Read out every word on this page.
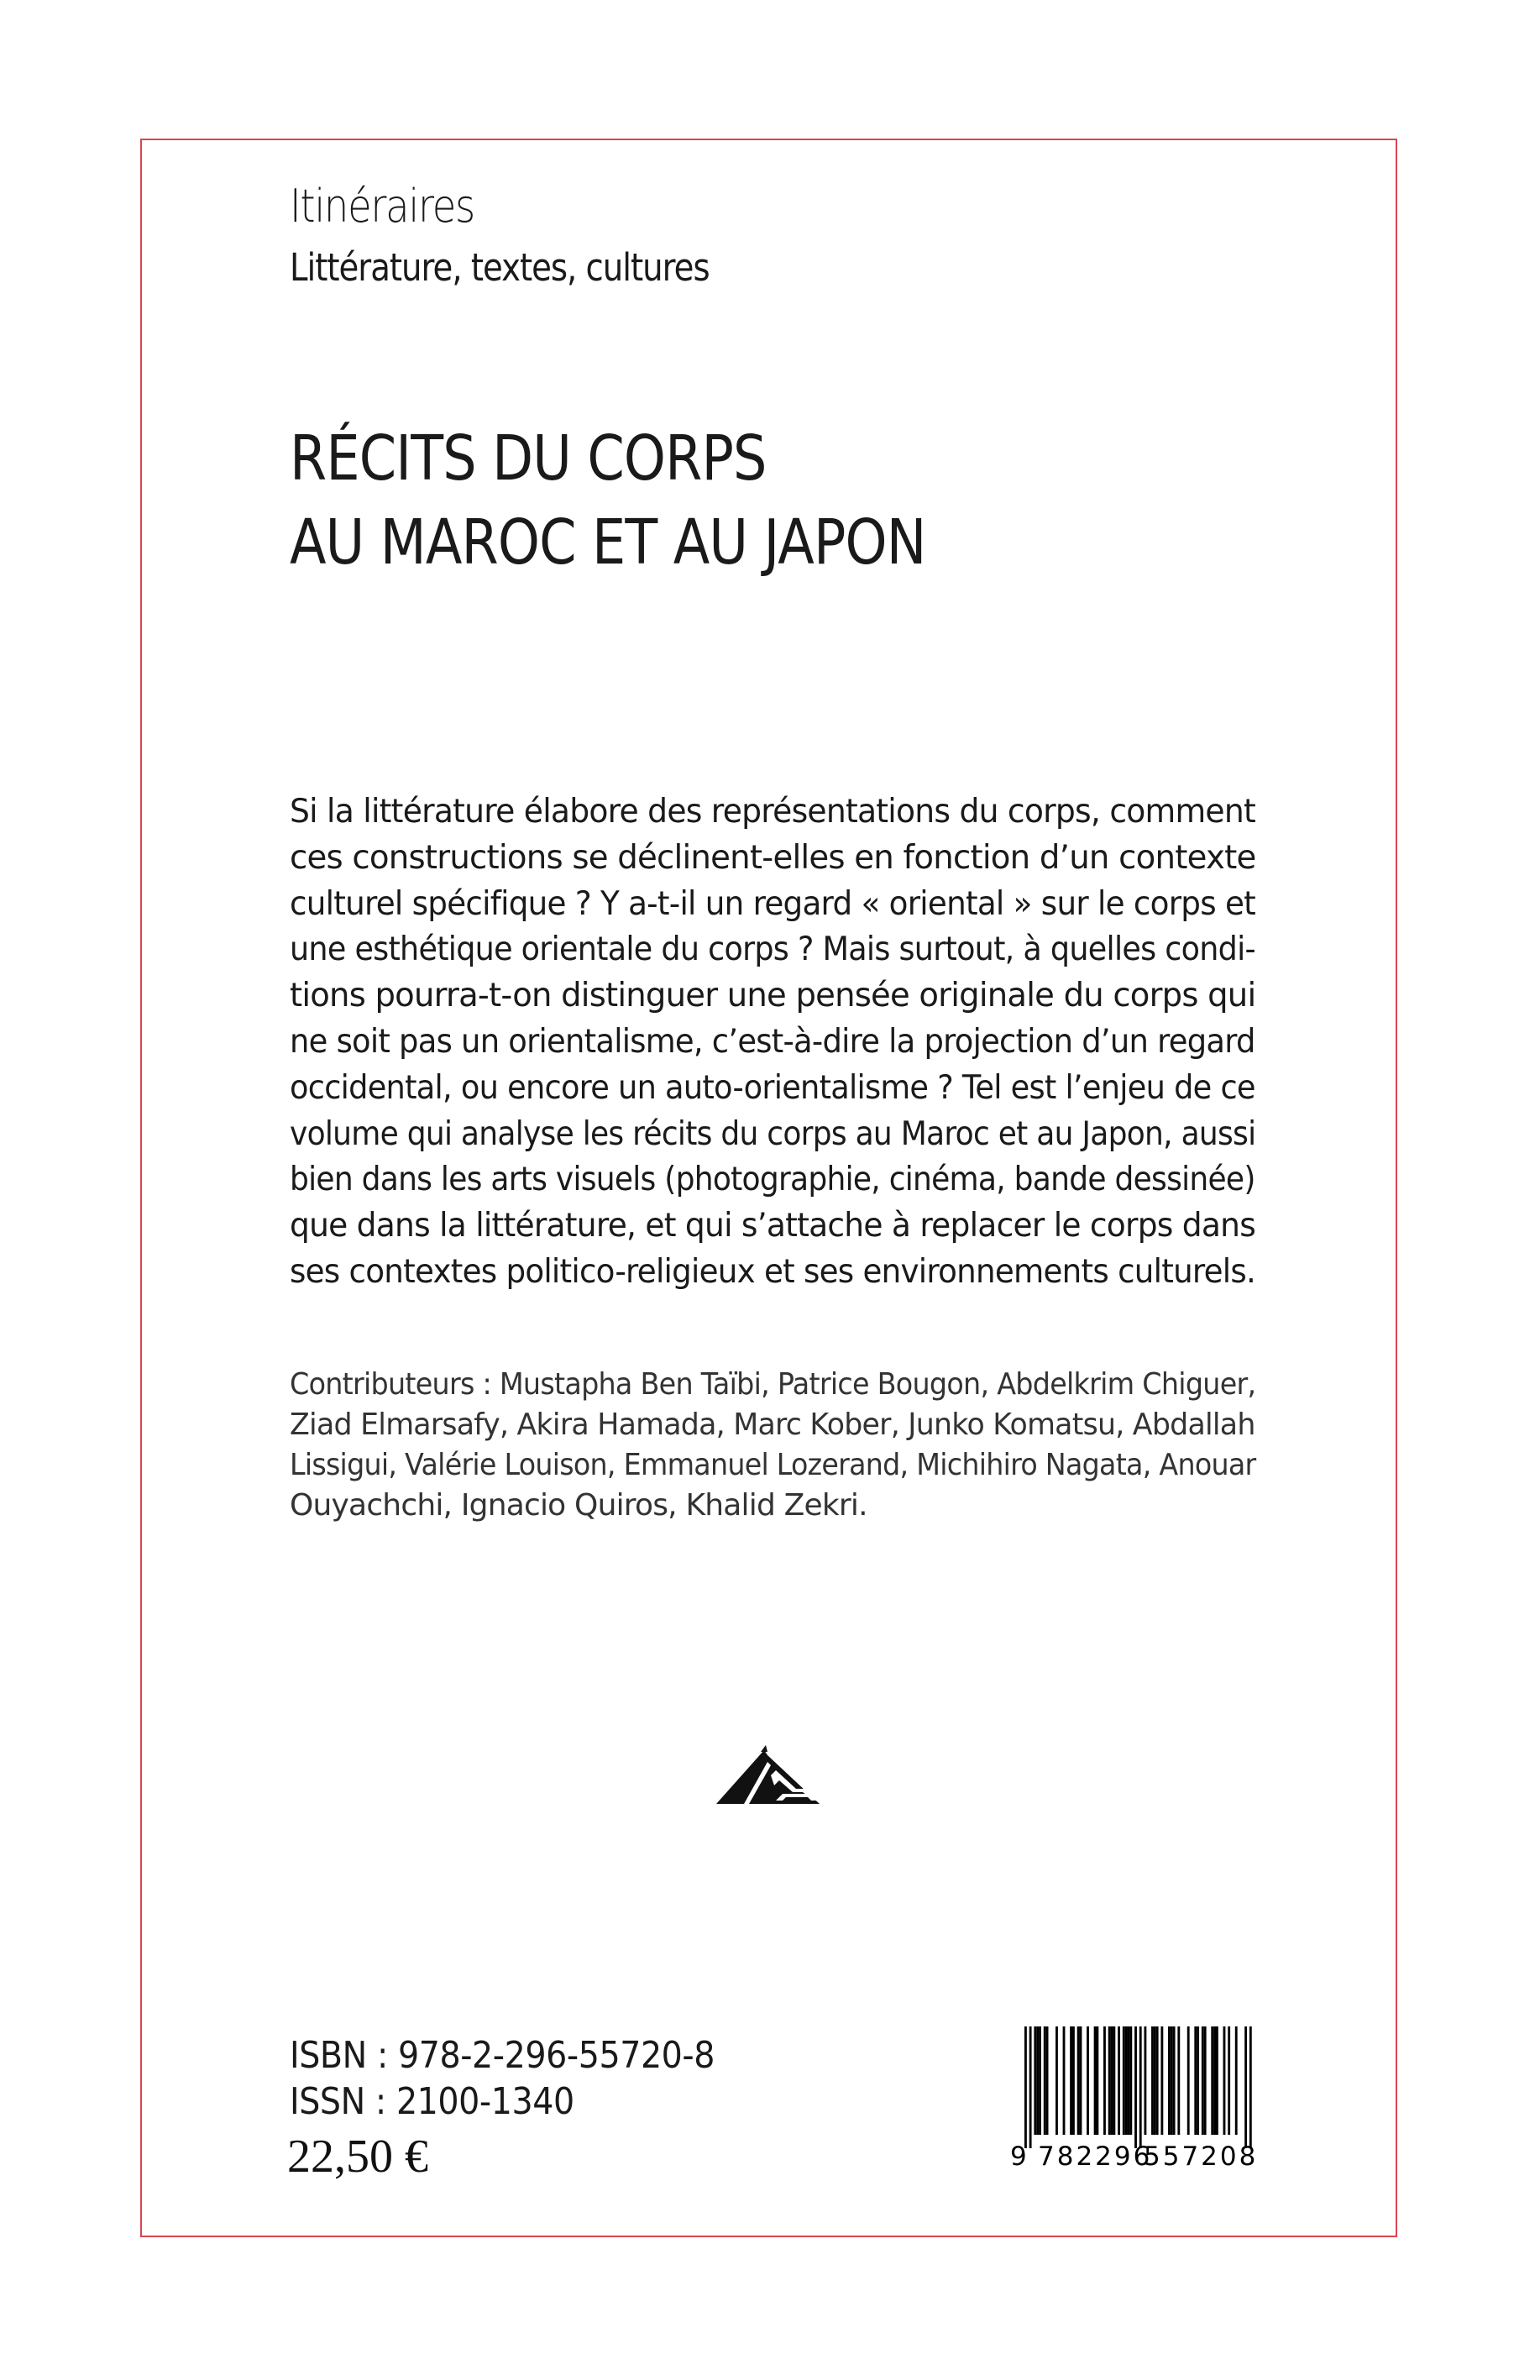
Itinéraires
Littérature, textes, cultures
RÉCITS DU CORPS
AU MAROC ET AU JAPON
Si la littérature élabore des représentations du corps, comment
ces constructions se déclinent-elles en fonction d’un contexte
culturel spécifique ? Y a-t-il un regard « oriental » sur le corps et
une esthétique orientale du corps ? Mais surtout, à quelles condi-
tions pourra-t-on distinguer une pensée originale du corps qui
ne soit pas un orientalisme, c’est-à-dire la projection d’un regard
occidental, ou encore un auto-orientalisme ? Tel est l’enjeu de ce
volume qui analyse les récits du corps au Maroc et au Japon, aussi
bien dans les arts visuels (photographie, cinéma, bande dessinée)
que dans la littérature, et qui s’attache à replacer le corps dans
ses contextes politico-religieux et ses environnements culturels.
Contributeurs : Mustapha Ben Taïbi, Patrice Bougon, Abdelkrim Chiguer,
Ziad Elmarsafy, Akira Hamada, Marc Kober, Junko Komatsu, Abdallah
Lissigui, Valérie Louison, Emmanuel Lozerand, Michihiro Nagata, Anouar
Ouyachchi, Ignacio Quiros, Khalid Zekri.
ISBN : 978-2-296-55720-8
ISSN : 2100-1340
22,50 €	9 782296
557208
